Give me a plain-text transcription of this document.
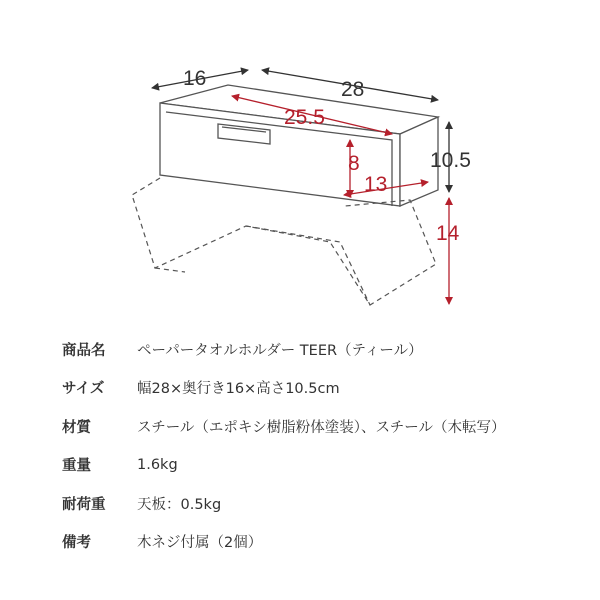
16	28
25.5
8
13
10.5
14
商品名	ペーパータオルホルダー TEER（ティール）
サイズ	幅28×奥行き16×高さ10.5cm
材質	スチール（エポキシ樹脂粉体塗装）、スチール（木転写）
重量	1.6kg
耐荷重	天板：0.5kg
備考	木ネジ付属（2個）
